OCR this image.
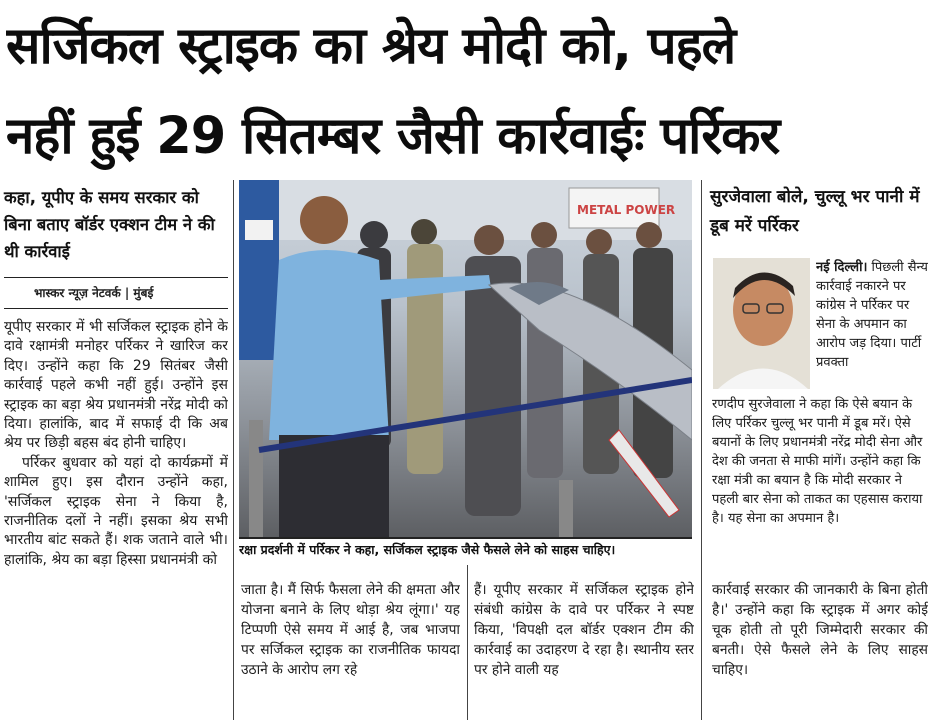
सर्जिकल स्ट्राइक का श्रेय मोदी को, पहले
नहीं हुई 29 सितम्बर जैसी कार्रवाईः पर्रिकर
कहा, यूपीए के समय सरकार को बिना बताए बॉर्डर एक्शन टीम ने की थी कार्रवाई
भास्कर न्यूज़ नेटवर्क | मुंबई

यूपीए सरकार में भी सर्जिकल स्ट्राइक होने के दावे रक्षामंत्री मनोहर पर्रिकर ने खारिज कर दिए। उन्होंने कहा कि 29 सितंबर जैसी कार्रवाई पहले कभी नहीं हुई। उन्होंने इस स्ट्राइक का बड़ा श्रेय प्रधानमंत्री नरेंद्र मोदी को दिया। हालांकि, बाद में सफाई दी कि अब श्रेय पर छिड़ी बहस बंद होनी चाहिए।

पर्रिकर बुधवार को यहां दो कार्यक्रमों में शामिल हुए। इस दौरान उन्होंने कहा, 'सर्जिकल स्ट्राइक सेना ने किया है, राजनीतिक दलों ने नहीं। इसका श्रेय सभी भारतीय बांट सकते हैं। शक जताने वाले भी। हालांकि, श्रेय का बड़ा हिस्सा प्रधानमंत्री को

METAL POWER
रक्षा प्रदर्शनी में पर्रिकर ने कहा, सर्जिकल स्ट्राइक जैसे फैसले लेने को साहस चाहिए।
जाता है। मैं सिर्फ फैसला लेने की क्षमता और योजना बनाने के लिए थोड़ा श्रेय लूंगा।' यह टिप्पणी ऐसे समय में आई है, जब भाजपा पर सर्जिकल स्ट्राइक का राजनीतिक फायदा उठाने के आरोप लग रहे
हैं। यूपीए सरकार में सर्जिकल स्ट्राइक होने संबंधी कांग्रेस के दावे पर पर्रिकर ने स्पष्ट किया, 'विपक्षी दल बॉर्डर एक्शन टीम की कार्रवाई का उदाहरण दे रहा है। स्थानीय स्तर पर होने वाली यह
सुरजेवाला बोले, चुल्लू भर पानी में डूब मरें पर्रिकर
नई दिल्ली। पिछली सैन्य कार्रवाई नकारने पर कांग्रेस ने पर्रिकर पर सेना के अपमान का आरोप जड़ दिया। पार्टी प्रवक्ता
रणदीप सुरजेवाला ने कहा कि ऐसे बयान के लिए पर्रिकर चुल्लू भर पानी में डूब मरें। ऐसे बयानों के लिए प्रधानमंत्री नरेंद्र मोदी सेना और देश की जनता से माफी मांगें। उन्होंने कहा कि रक्षा मंत्री का बयान है कि मोदी सरकार ने पहली बार सेना को ताकत का एहसास कराया है। यह सेना का अपमान है।
कार्रवाई सरकार की जानकारी के बिना होती है।' उन्होंने कहा कि स्ट्राइक में अगर कोई चूक होती तो पूरी जिम्मेदारी सरकार की बनती। ऐसे फैसले लेने के लिए साहस चाहिए।
